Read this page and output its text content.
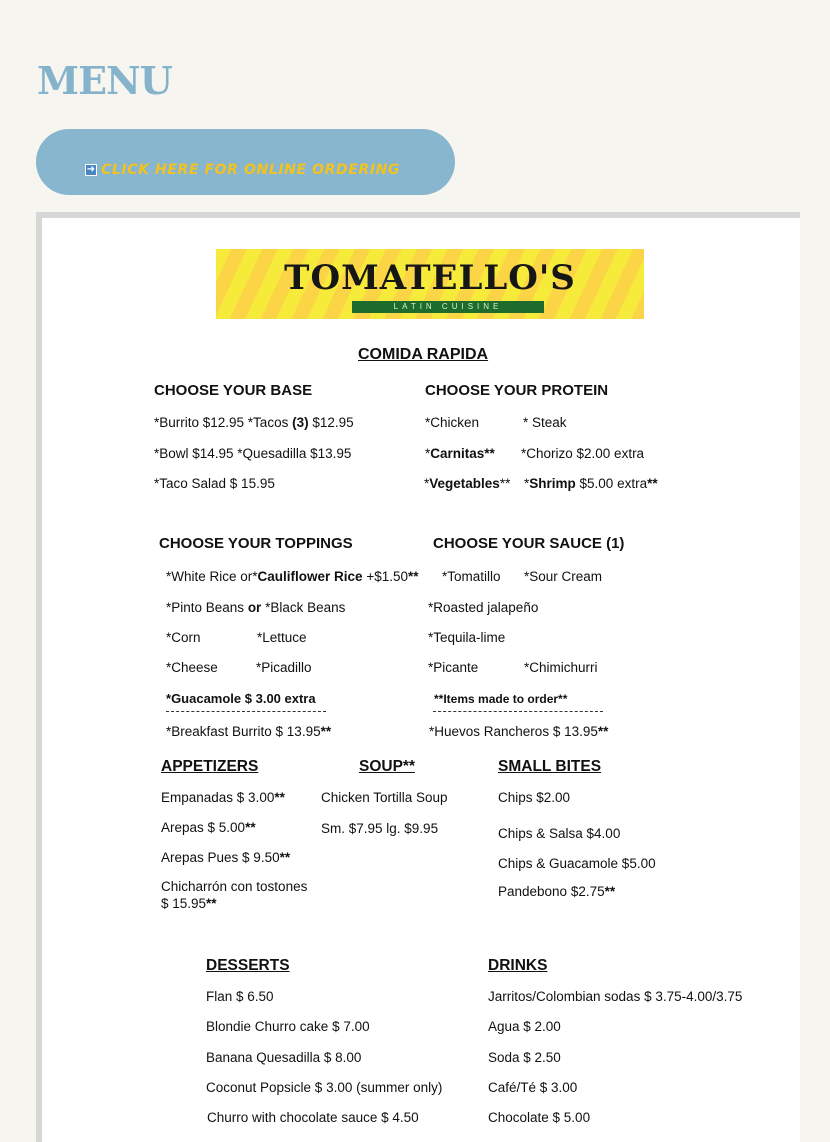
MENU
➜ CLICK HERE FOR ONLINE ORDERING
TOMATELLO'S
LATIN CUISINE
COMIDA RAPIDA
CHOOSE YOUR BASE
*Burrito $12.95 *Tacos (3) $12.95
*Bowl $14.95 *Quesadilla $13.95
*Taco Salad $ 15.95
CHOOSE YOUR PROTEIN
*Chicken	* Steak
*Carnitas** *Chorizo $2.00 extra
*Vegetables** *Shrimp $5.00 extra**
CHOOSE YOUR TOPPINGS
*White Rice or*Cauliflower Rice +$1.50**
*Pinto Beans or *Black Beans
*Corn	*Lettuce
*Cheese	*Picadillo
*Guacamole $ 3.00 extra
*Breakfast Burrito $ 13.95**
CHOOSE YOUR SAUCE (1)
*Tomatillo *Sour Cream
*Roasted jalapeño
*Tequila-lime
*Picante	*Chimichurri
**Items made to order**
*Huevos Rancheros $ 13.95**
APPETIZERS
Empanadas $ 3.00**
Arepas $ 5.00**
Arepas Pues $ 9.50**
Chicharrón con tostones
$ 15.95**
SOUP**
Chicken Tortilla Soup
Sm. $7.95 lg. $9.95
SMALL BITES
Chips $2.00
Chips & Salsa $4.00
Chips & Guacamole $5.00
Pandebono $2.75**
DESSERTS
Flan $ 6.50
Blondie Churro cake $ 7.00
Banana Quesadilla $ 8.00
Coconut Popsicle $ 3.00 (summer only)
Churro with chocolate sauce $ 4.50
DRINKS
Jarritos/Colombian sodas $ 3.75-4.00/3.75
Agua $ 2.00
Soda $ 2.50
Café/Té $ 3.00
Chocolate $ 5.00
